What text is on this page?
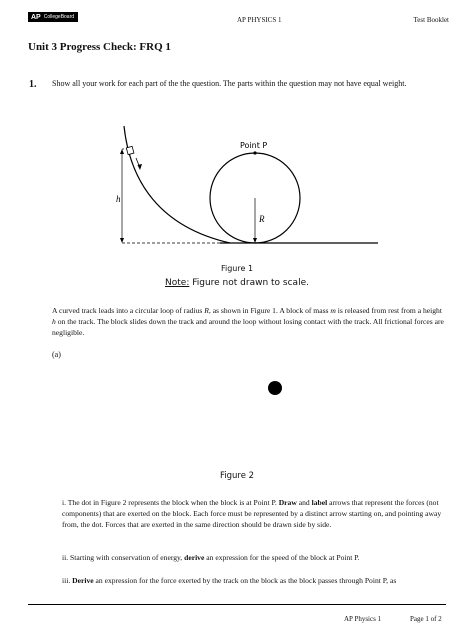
AP CollegeBoard	AP PHYSICS 1	Test Booklet
Unit 3 Progress Check: FRQ 1
1. Show all your work for each part of the the question. The parts within the question may not have equal weight.
h
Point P
R
Figure 1
Note: Figure not drawn to scale.
A curved track leads into a circular loop of radius R, as shown in Figure 1. A block of mass m is released from rest from a height h on the track. The block slides down the track and around the loop without losing contact with the track. All frictional forces are negligible.
(a)
Figure 2
i. The dot in Figure 2 represents the block when the block is at Point P. Draw and label arrows that represent the forces (not components) that are exerted on the block. Each force must be represented by a distinct arrow starting on, and pointing away from, the dot. Forces that are exerted in the same direction should be drawn side by side.
ii. Starting with conservation of energy, derive an expression for the speed of the block at Point P.
iii. Derive an expression for the force exerted by the track on the block as the block passes through Point P, as
AP Physics 1	Page 1 of 2
